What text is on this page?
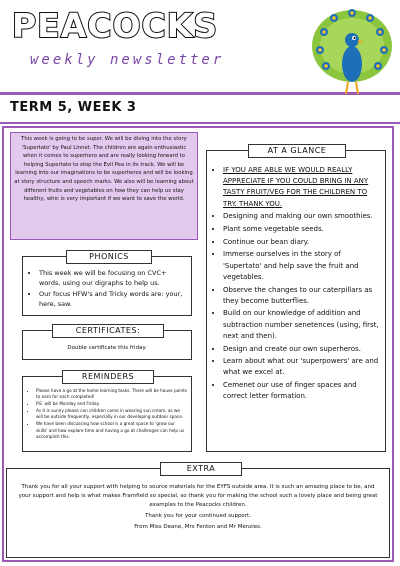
PEACOCKS
weekly newsletter
TERM 5, WEEK 3
This week is going to be super. We will be diving into the story 'Supertato' by Paul Linnet. The children are again enthusiastic when it comes to superhero and are really looking forward to helping Supertato to stop the Evil Pea in its track. We will be learning into our imaginations to be superheros and will be looking at story structure and speech marks. We also will be learning about different fruits and vegetables on how they can help us stay healthy, whic is very important if we want to save the world.
• This week we will be focusing on CVC+ words, using our digraphs to help us.
• Our focus HFW's and Tricky words are: your, here, saw.
PHONICS
Double certificate this friday.
CERTIFICATES:
• Please have a go at the home learning tasks. There will be house points to earn for each completed!
• P.E. will be Monday and Friday.
• As it is sunny please can children come in wearing sun cream, as we will be outside frequently, especially in our developing outdoor space.
• We have been discussing how school is a great space to 'grow our skills' and how explore time and having a go at challenges can help us accomplish this.
REMINDERS
• IF YOU ARE ABLE WE WOULD REALLY APPRECIATE IF YOU COULD BRING IN ANY TASTY FRUIT/VEG FOR THE CHILDREN TO TRY. THANK YOU.
• Designing and making our own smoothies.
• Plant some vegetable seeds.
• Continue our bean diary.
• Immerse ourselves in the story of 'Supertato' and help save the fruit and vegetables.
• Observe the changes to our caterpillars as they become butterflies.
• Build on our knowledge of addition and subtraction number senetences (using, first, next and then).
• Design and create our own superheros.
• Learn about what our 'superpowers' are and what we excel at.
• Cemenet our use of finger spaces and correct letter formation.
AT A GLANCE

Thank you for all your support with helping to source materials for the EYFS outside area. It is such an amazing place to be, and your support and help is what makes Framfield so special, so thank you for making the school such a lovely place and being great examples to the Peacocks children.

Thank you for your continued support.

From Miss Deane, Mrs Fenton and Mr Menzies.

EXTRA
